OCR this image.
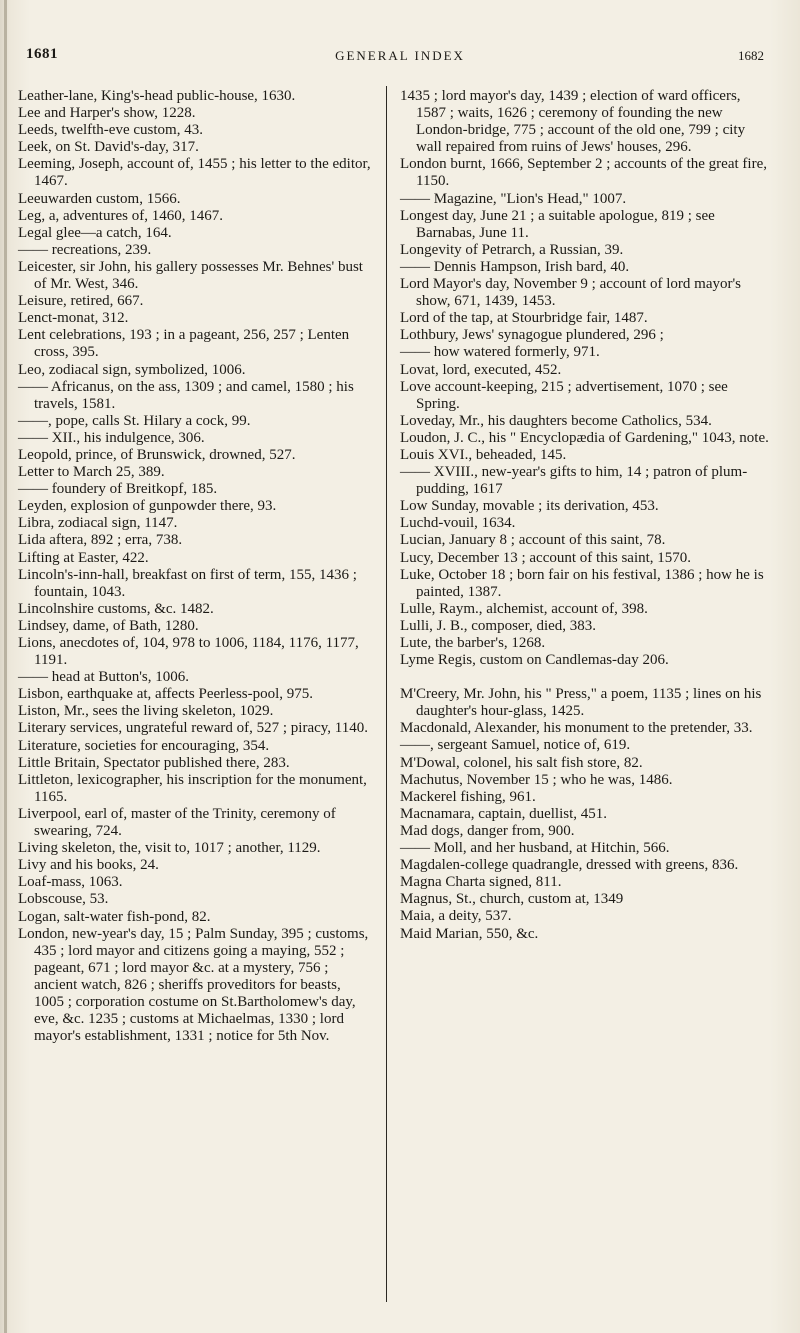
1681	GENERAL INDEX	1682

Leather-lane, King's-head public-house, 1630.

Lee and Harper's show, 1228.

Leeds, twelfth-eve custom, 43.

Leek, on St. David's-day, 317.

Leeming, Joseph, account of, 1455 ; his letter to the editor, 1467.

Leeuwarden custom, 1566.

Leg, a, adventures of, 1460, 1467.

Legal glee—a catch, 164.

—— recreations, 239.

Leicester, sir John, his gallery possesses Mr. Behnes' bust of Mr. West, 346.

Leisure, retired, 667.

Lenct-monat, 312.

Lent celebrations, 193 ; in a pageant, 256, 257 ; Lenten cross, 395.

Leo, zodiacal sign, symbolized, 1006.

—— Africanus, on the ass, 1309 ; and camel, 1580 ; his travels, 1581.

——, pope, calls St. Hilary a cock, 99.

—— XII., his indulgence, 306.

Leopold, prince, of Brunswick, drowned, 527.

Letter to March 25, 389.

—— foundery of Breitkopf, 185.

Leyden, explosion of gunpowder there, 93.

Libra, zodiacal sign, 1147.

Lida aftera, 892 ; erra, 738.

Lifting at Easter, 422.

Lincoln's-inn-hall, breakfast on first of term, 155, 1436 ; fountain, 1043.

Lincolnshire customs, &c. 1482.

Lindsey, dame, of Bath, 1280.

Lions, anecdotes of, 104, 978 to 1006, 1184, 1176, 1177, 1191.

—— head at Button's, 1006.

Lisbon, earthquake at, affects Peerless-pool, 975.

Liston, Mr., sees the living skeleton, 1029.

Literary services, ungrateful reward of, 527 ; piracy, 1140.

Literature, societies for encouraging, 354.

Little Britain, Spectator published there, 283.

Littleton, lexicographer, his inscription for the monument, 1165.

Liverpool, earl of, master of the Trinity, ceremony of swearing, 724.

Living skeleton, the, visit to, 1017 ; another, 1129.

Livy and his books, 24.

Loaf-mass, 1063.

Lobscouse, 53.

Logan, salt-water fish-pond, 82.

London, new-year's day, 15 ; Palm Sunday, 395 ; customs, 435 ; lord mayor and citizens going a maying, 552 ; pageant, 671 ; lord mayor &c. at a mystery, 756 ; ancient watch, 826 ; sheriffs proveditors for beasts, 1005 ; corporation costume on St.Bartholomew's day, eve, &c. 1235 ; customs at Michaelmas, 1330 ; lord mayor's establishment, 1331 ; notice for 5th Nov.

1435 ; lord mayor's day, 1439 ; election of ward officers, 1587 ; waits, 1626 ; ceremony of founding the new London-bridge, 775 ; account of the old one, 799 ; city wall repaired from ruins of Jews' houses, 296.

London burnt, 1666, September 2 ; accounts of the great fire, 1150.

—— Magazine, "Lion's Head," 1007.

Longest day, June 21 ; a suitable apologue, 819 ; see Barnabas, June 11.

Longevity of Petrarch, a Russian, 39.

—— Dennis Hampson, Irish bard, 40.

Lord Mayor's day, November 9 ; account of lord mayor's show, 671, 1439, 1453.

Lord of the tap, at Stourbridge fair, 1487.

Lothbury, Jews' synagogue plundered, 296 ;

—— how watered formerly, 971.

Lovat, lord, executed, 452.

Love account-keeping, 215 ; advertisement, 1070 ; see Spring.

Loveday, Mr., his daughters become Catholics, 534.

Loudon, J. C., his " Encyclopædia of Gardening," 1043, note.

Louis XVI., beheaded, 145.

—— XVIII., new-year's gifts to him, 14 ; patron of plum-pudding, 1617

Low Sunday, movable ; its derivation, 453.

Luchd-vouil, 1634.

Lucian, January 8 ; account of this saint, 78.

Lucy, December 13 ; account of this saint, 1570.

Luke, October 18 ; born fair on his festival, 1386 ; how he is painted, 1387.

Lulle, Raym., alchemist, account of, 398.

Lulli, J. B., composer, died, 383.

Lute, the barber's, 1268.

Lyme Regis, custom on Candlemas-day 206.

M'Creery, Mr. John, his " Press," a poem, 1135 ; lines on his daughter's hour-glass, 1425.

Macdonald, Alexander, his monument to the pretender, 33.

——, sergeant Samuel, notice of, 619.

M'Dowal, colonel, his salt fish store, 82.

Machutus, November 15 ; who he was, 1486.

Mackerel fishing, 961.

Macnamara, captain, duellist, 451.

Mad dogs, danger from, 900.

—— Moll, and her husband, at Hitchin, 566.

Magdalen-college quadrangle, dressed with greens, 836.

Magna Charta signed, 811.

Magnus, St., church, custom at, 1349

Maia, a deity, 537.

Maid Marian, 550, &c.
